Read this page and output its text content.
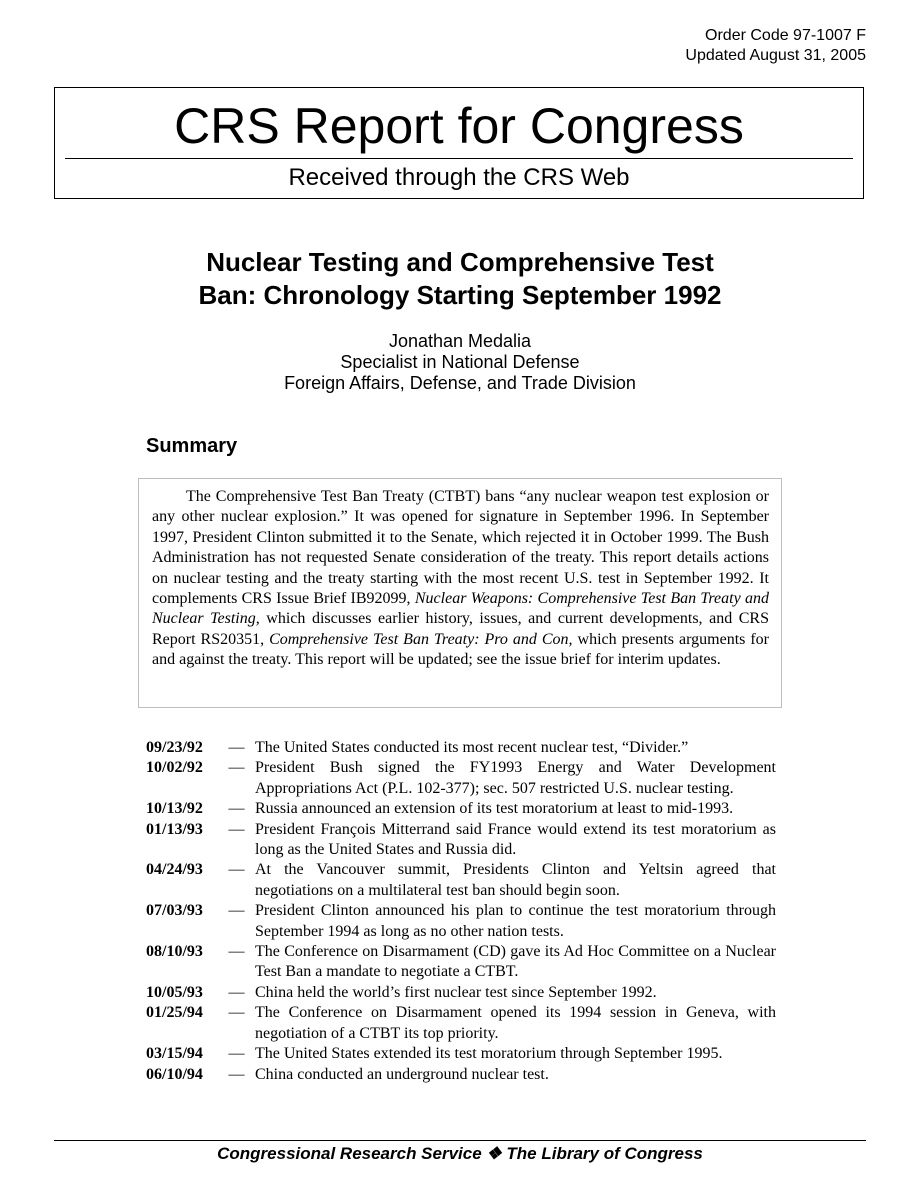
Order Code 97-1007 F
Updated August 31, 2005
CRS Report for Congress
Received through the CRS Web
Nuclear Testing and Comprehensive Test
Ban: Chronology Starting September 1992
Jonathan Medalia
Specialist in National Defense
Foreign Affairs, Defense, and Trade Division
Summary

The Comprehensive Test Ban Treaty (CTBT) bans “any nuclear weapon test explosion or any other nuclear explosion.” It was opened for signature in September 1996. In September 1997, President Clinton submitted it to the Senate, which rejected it in October 1999. The Bush Administration has not requested Senate consideration of the treaty. This report details actions on nuclear testing and the treaty starting with the most recent U.S. test in September 1992. It complements CRS Issue Brief IB92099, Nuclear Weapons: Comprehensive Test Ban Treaty and Nuclear Testing, which discusses earlier history, issues, and current developments, and CRS Report RS20351, Comprehensive Test Ban Treaty: Pro and Con, which presents arguments for and against the treaty. This report will be updated; see the issue brief for interim updates.

09/23/92	— The United States conducted its most recent nuclear test, “Divider.”
10/02/92	— President Bush signed the FY1993 Energy and Water Development Appropriations Act (P.L. 102-377); sec. 507 restricted U.S. nuclear testing.
10/13/92	— Russia announced an extension of its test moratorium at least to mid-1993.
01/13/93	— President François Mitterrand said France would extend its test moratorium as long as the United States and Russia did.
04/24/93	— At the Vancouver summit, Presidents Clinton and Yeltsin agreed that negotiations on a multilateral test ban should begin soon.
07/03/93	— President Clinton announced his plan to continue the test moratorium through September 1994 as long as no other nation tests.
08/10/93	— The Conference on Disarmament (CD) gave its Ad Hoc Committee on a Nuclear Test Ban a mandate to negotiate a CTBT.
10/05/93	— China held the world’s first nuclear test since September 1992.
01/25/94	— The Conference on Disarmament opened its 1994 session in Geneva, with negotiation of a CTBT its top priority.
03/15/94	— The United States extended its test moratorium through September 1995.
06/10/94	— China conducted an underground nuclear test.
Congressional Research Service ❖ The Library of Congress
